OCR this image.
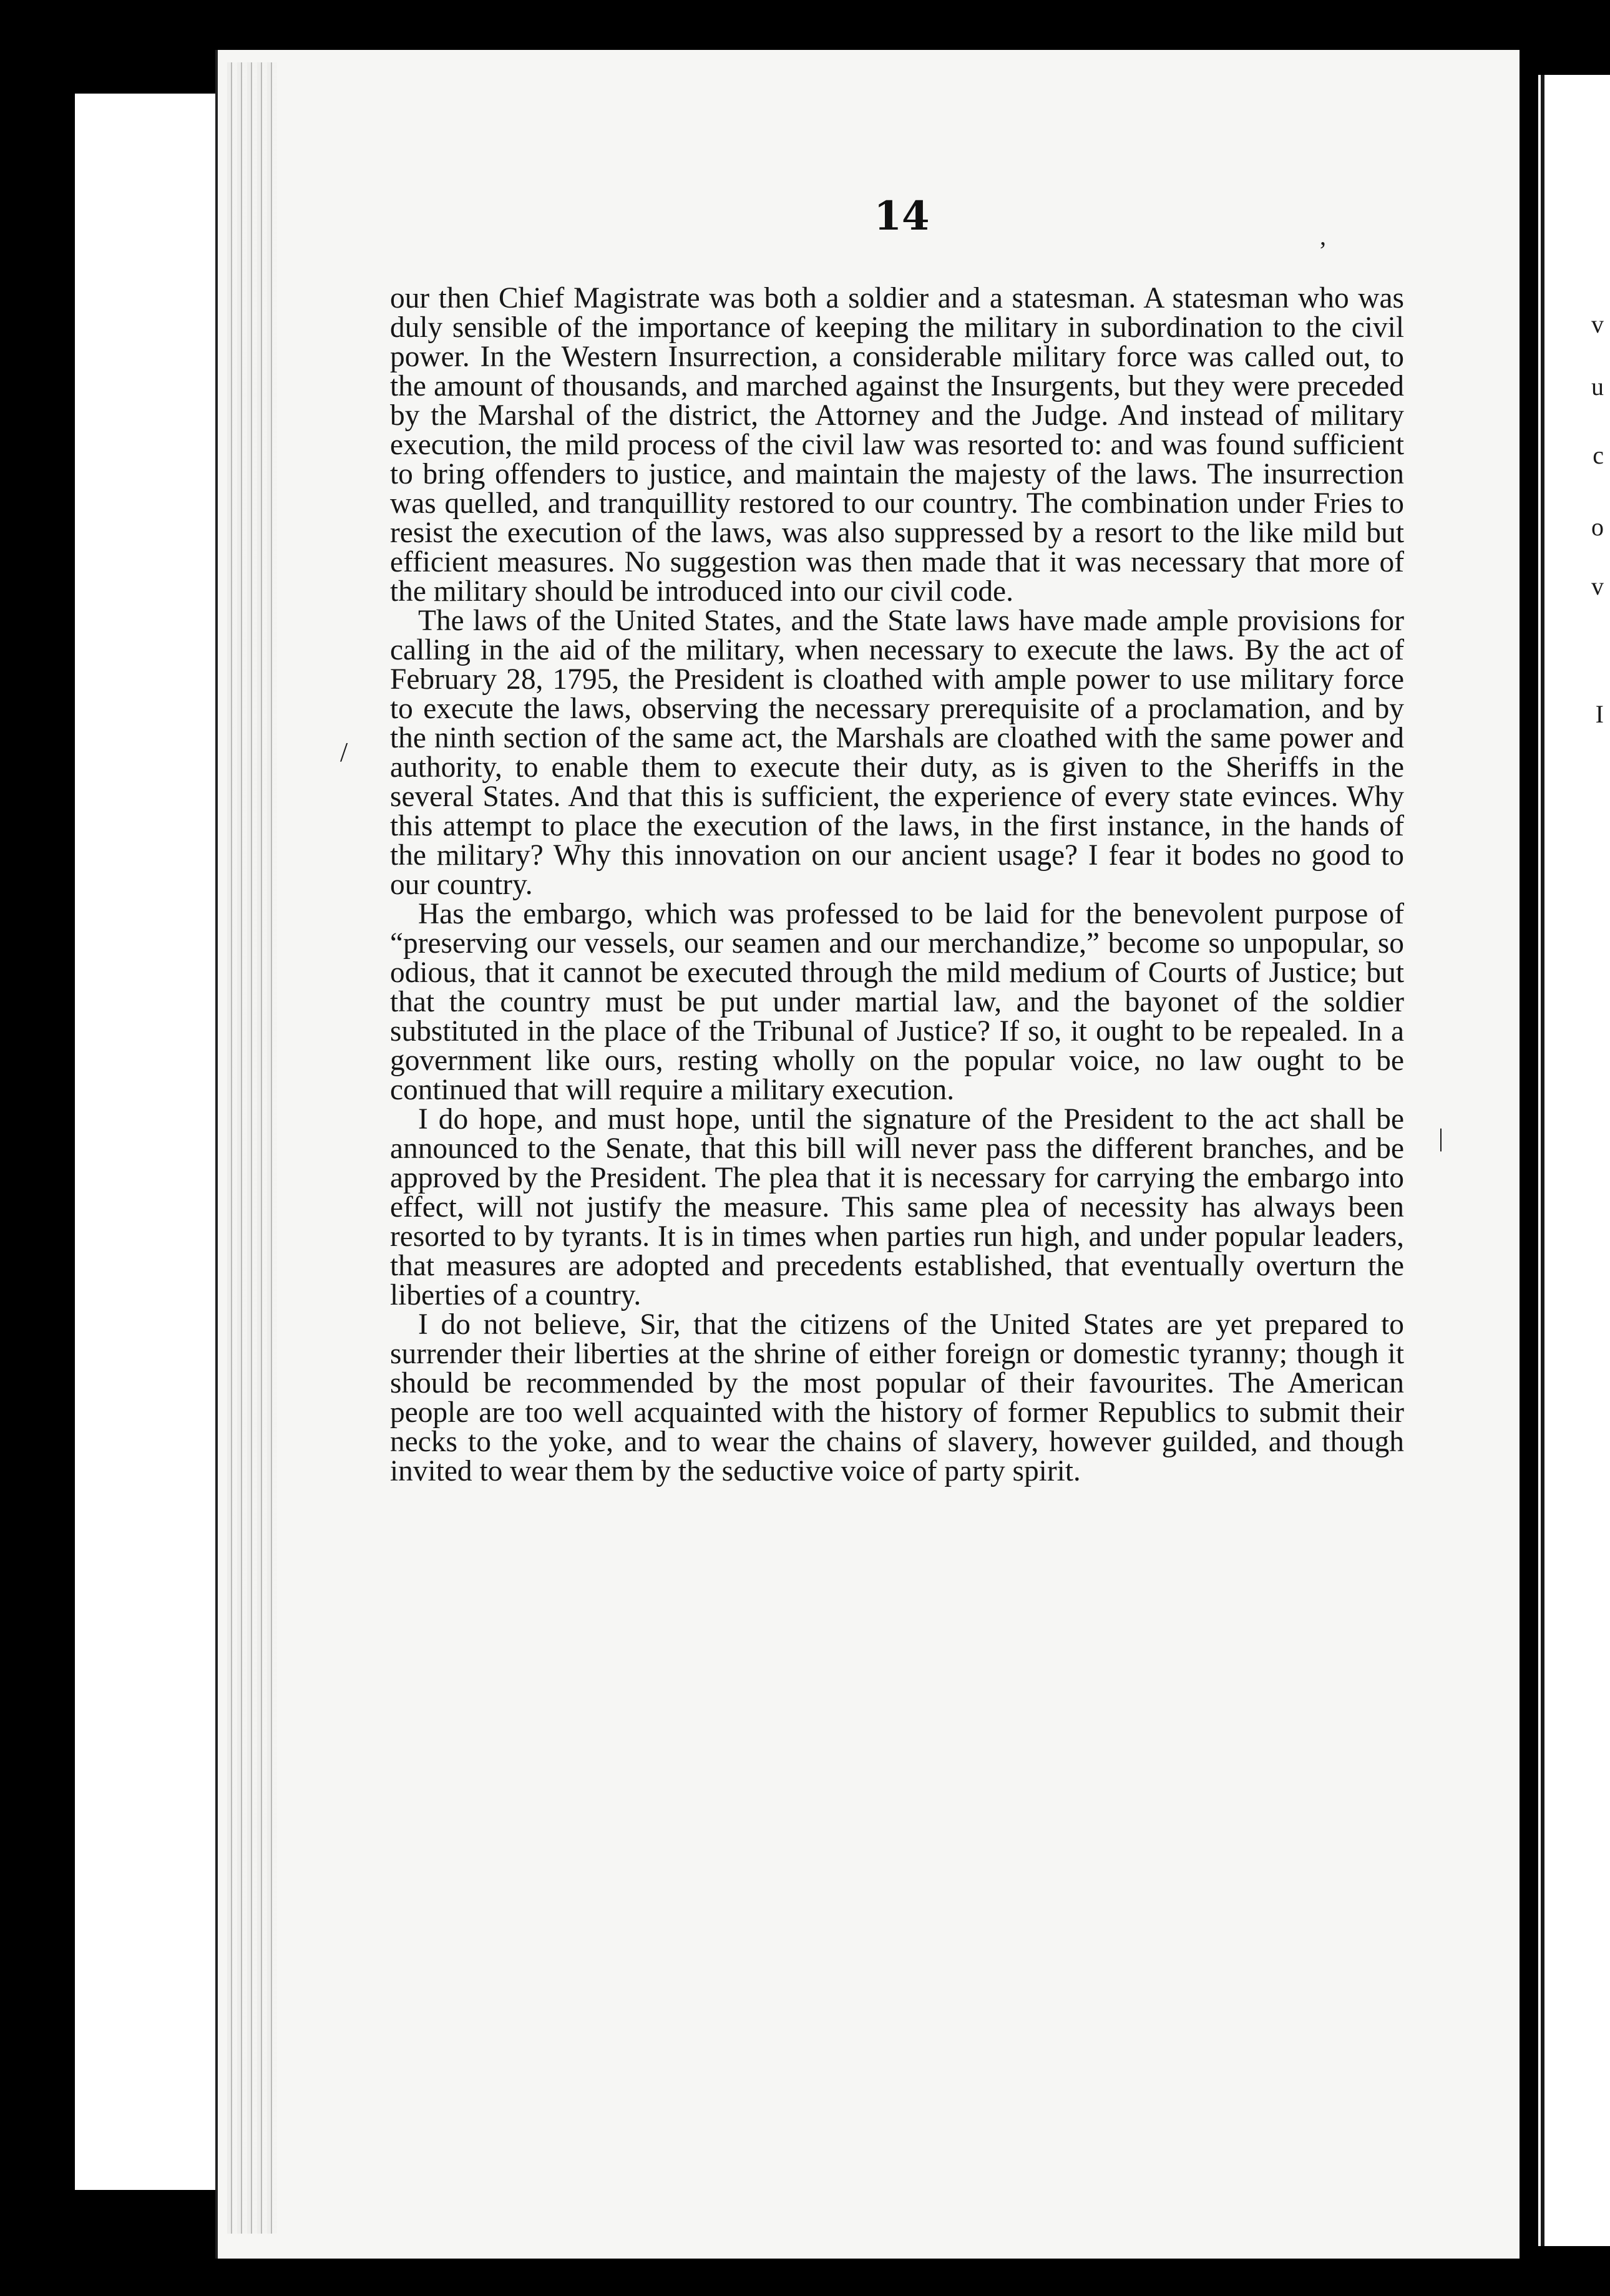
14

our then Chief Magistrate was both a soldier and a statesman. A statesman who was duly sensible of the importance of keeping the military in subordination to the civil power. In the Western Insurrection, a considerable military force was called out, to the amount of thousands, and marched against the Insurgents, but they were preceded by the Marshal of the district, the Attorney and the Judge. And instead of military execution, the mild process of the civil law was resorted to: and was found sufficient to bring offenders to justice, and maintain the majesty of the laws. The insurrection was quelled, and tranquillity restored to our country. The combination under Fries to resist the execution of the laws, was also suppressed by a resort to the like mild but efficient measures. No suggestion was then made that it was necessary that more of the military should be introduced into our civil code.

The laws of the United States, and the State laws have made ample provisions for calling in the aid of the military, when necessary to execute the laws. By the act of February 28, 1795, the President is cloathed with ample power to use military force to execute the laws, observing the necessary prerequisite of a proclamation, and by the ninth section of the same act, the Marshals are cloathed with the same power and authority, to enable them to execute their duty, as is given to the Sheriffs in the several States. And that this is sufficient, the experience of every state evinces. Why this attempt to place the execution of the laws, in the first instance, in the hands of the military? Why this innovation on our ancient usage? I fear it bodes no good to our country.

Has the embargo, which was professed to be laid for the benevolent purpose of “preserving our vessels, our seamen and our merchandize,” become so unpopular, so odious, that it cannot be executed through the mild medium of Courts of Justice; but that the country must be put under martial law, and the bayonet of the soldier substituted in the place of the Tribunal of Justice? If so, it ought to be repealed. In a government like ours, resting wholly on the popular voice, no law ought to be continued that will require a military execution.

I do hope, and must hope, until the signature of the President to the act shall be announced to the Senate, that this bill will never pass the different branches, and be approved by the President. The plea that it is necessary for carrying the embargo into effect, will not justify the measure. This same plea of necessity has always been resorted to by tyrants. It is in times when parties run high, and under popular leaders, that measures are adopted and precedents established, that eventually overturn the liberties of a country.

I do not believe, Sir, that the citizens of the United States are yet prepared to surrender their liberties at the shrine of either foreign or domestic tyranny; though it should be recommended by the most popular of their favourites. The American people are too well acquainted with the history of former Republics to submit their necks to the yoke, and to wear the chains of slavery, however guilded, and though invited to wear them by the seductive voice of party spirit.

v
u
c
o
v
I
,
/
|
